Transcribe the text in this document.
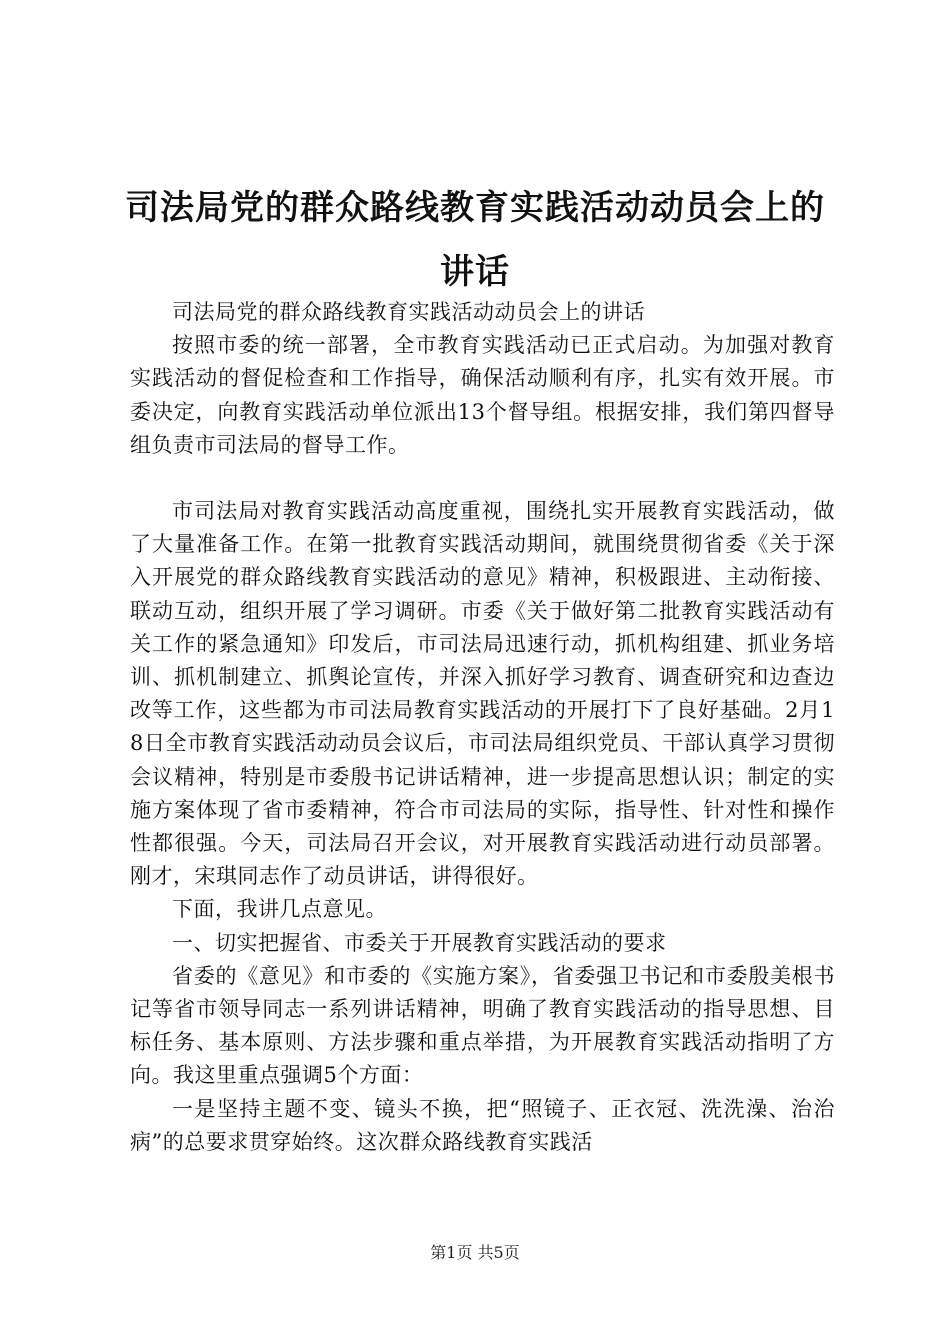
司法局党的群众路线教育实践活动动员会上的
讲话

司法局党的群众路线教育实践活动动员会上的讲话

按照市委的统一部署，全市教育实践活动已正式启动。为加强对教育实践活动的督促检查和工作指导，确保活动顺利有序，扎实有效开展。市委决定，向教育实践活动单位派出13个督导组。根据安排，我们第四督导组负责市司法局的督导工作。

市司法局对教育实践活动高度重视，围绕扎实开展教育实践活动，做了大量准备工作。在第一批教育实践活动期间，就围绕贯彻省委《关于深入开展党的群众路线教育实践活动的意见》精神，积极跟进、主动衔接、联动互动，组织开展了学习调研。市委《关于做好第二批教育实践活动有关工作的紧急通知》印发后，市司法局迅速行动，抓机构组建、抓业务培训、抓机制建立、抓舆论宣传，并深入抓好学习教育、调查研究和边查边改等工作，这些都为市司法局教育实践活动的开展打下了良好基础。2月18日全市教育实践活动动员会议后，市司法局组织党员、干部认真学习贯彻会议精神，特别是市委殷书记讲话精神，进一步提高思想认识；制定的实施方案体现了省市委精神，符合市司法局的实际，指导性、针对性和操作性都很强。今天，司法局召开会议，对开展教育实践活动进行动员部署。刚才，宋琪同志作了动员讲话，讲得很好。

下面，我讲几点意见。

一、切实把握省、市委关于开展教育实践活动的要求

省委的《意见》和市委的《实施方案》，省委强卫书记和市委殷美根书记等省市领导同志一系列讲话精神，明确了教育实践活动的指导思想、目标任务、基本原则、方法步骤和重点举措，为开展教育实践活动指明了方向。我这里重点强调5个方面：

一是坚持主题不变、镜头不换，把“照镜子、正衣冠、洗洗澡、治治病”的总要求贯穿始终。这次群众路线教育实践活

第1页 共5页
